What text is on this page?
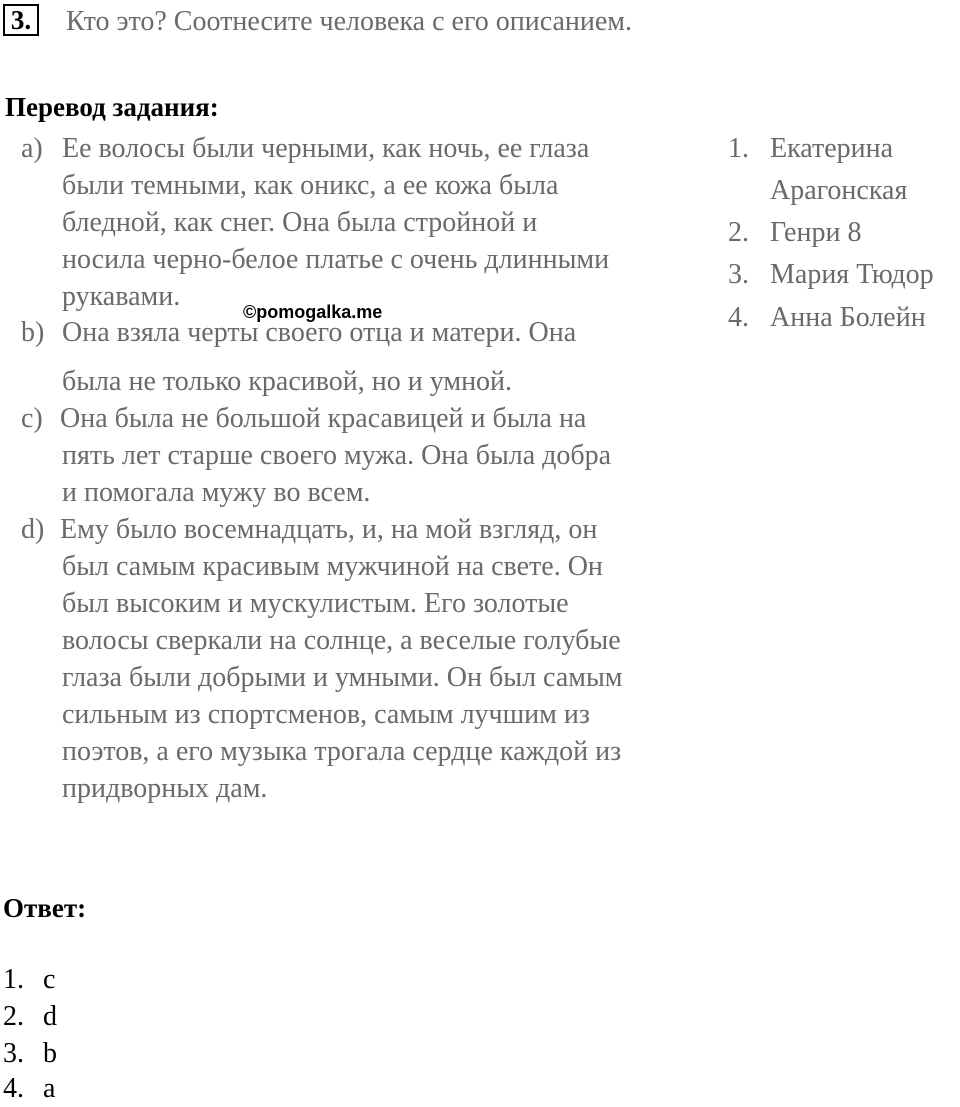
3. Кто это? Соотнесите человека с его описанием.
Перевод задания:
a) Ее волосы были черными, как ночь, ее глаза
были темными, как оникс, а ее кожа была
бледной, как снег. Она была стройной и
носила черно-белое платье с очень длинными
рукавами.	©pomogalka.me
b) Она взяла черты своего отца и матери. Она
была не только красивой, но и умной.
c) Она была не большой красавицей и была на
пять лет старше своего мужа. Она была добра
и помогала мужу во всем.
d) Ему было восемнадцать, и, на мой взгляд, он
был самым красивым мужчиной на свете. Он
был высоким и мускулистым. Его золотые
волосы сверкали на солнце, а веселые голубые
глаза были добрыми и умными. Он был самым
сильным из спортсменов, самым лучшим из
поэтов, а его музыка трогала сердце каждой из
придворных дам.
1. Екатерина
Арагонская
2. Генри 8
3. Мария Тюдор
4. Анна Болейн
Ответ:
1. c
2. d
3. b
4. a
